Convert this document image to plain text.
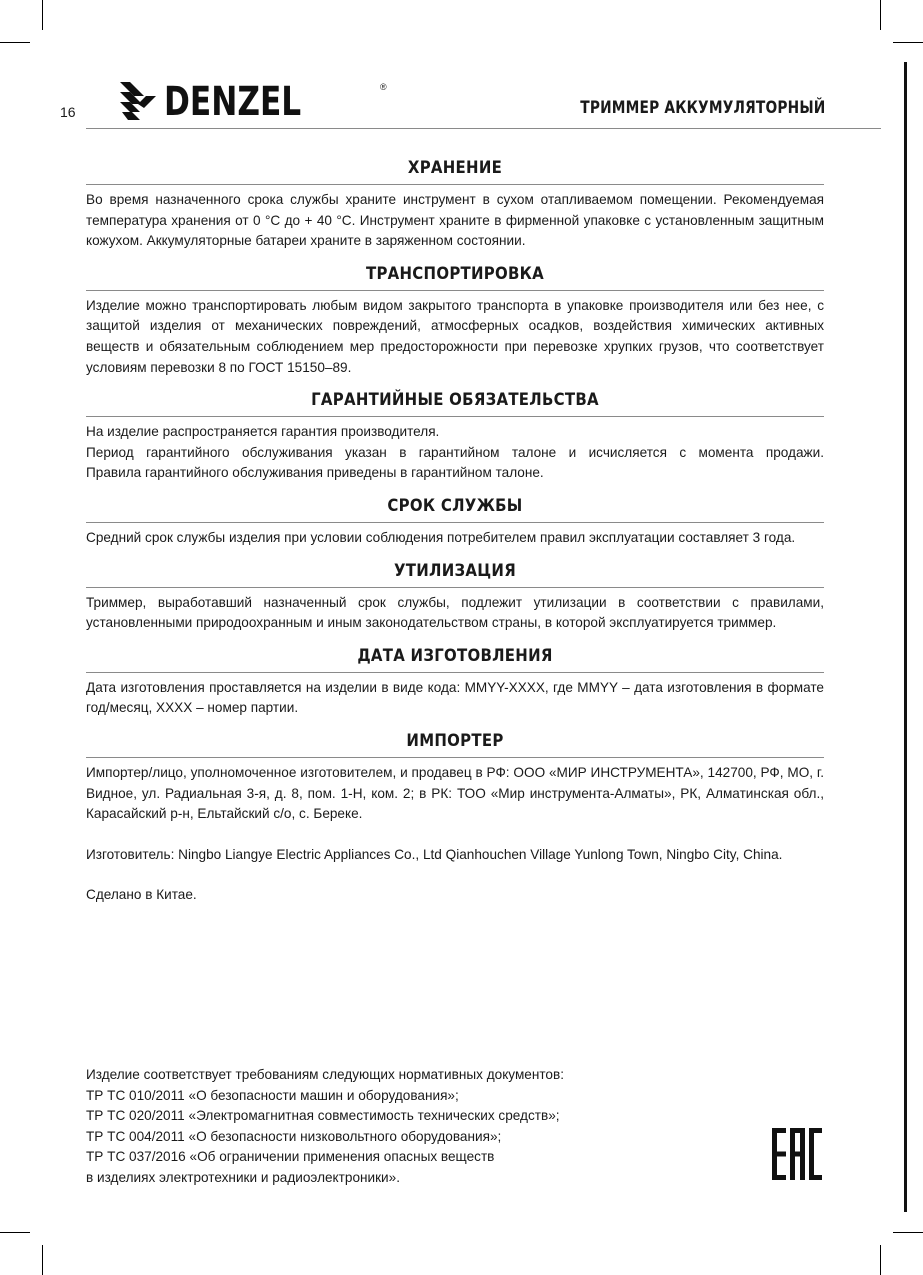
16 DENZEL	®
ТРИММЕР АККУМУЛЯТОРНЫЙ
ХРАНЕНИЕ

Во время назначенного срока службы храните инструмент в сухом отапливаемом помещении. Рекомендуемая температура хранения от 0 °С до + 40 °С. Инструмент храните в фирменной упаковке с установленным защитным кожухом. Аккумуляторные батареи храните в заряженном состоянии.

ТРАНСПОРТИРОВКА

Изделие можно транспортировать любым видом закрытого транспорта в упаковке производителя или без нее, с защитой изделия от механических повреждений, атмосферных осадков, воздействия химических активных веществ и обязательным соблюдением мер предосторожности при перевозке хрупких грузов, что соответствует условиям перевозки 8 по ГОСТ 15150–89.

ГАРАНТИЙНЫЕ ОБЯЗАТЕЛЬСТВА

На изделие распространяется гарантия производителя.

Период гарантийного обслуживания указан в гарантийном талоне и исчисляется с момента продажи.

Правила гарантийного обслуживания приведены в гарантийном талоне.

СРОК СЛУЖБЫ

Средний срок службы изделия при условии соблюдения потребителем правил эксплуатации составляет 3 года.

УТИЛИЗАЦИЯ

Триммер, выработавший назначенный срок службы, подлежит утилизации в соответствии с правилами, установленными природоохранным и иным законодательством страны, в которой эксплуатируется триммер.

ДАТА ИЗГОТОВЛЕНИЯ

Дата изготовления проставляется на изделии в виде кода: MMYY-XXXX, где MMYY – дата изготовления в формате год/месяц, XXXX – номер партии.

ИМПОРТЕР

Импортер/лицо, уполномоченное изготовителем, и продавец в РФ: ООО «МИР ИНСТРУМЕНТА», 142700, РФ, МО, г. Видное, ул. Радиальная 3-я, д. 8, пом. 1-Н, ком. 2; в РК: ТОО «Мир инструмента-Алматы», РК, Алматинская обл., Карасайский р-н, Ельтайский с/о, с. Береке.

Изготовитель: Ningbo Liangye Electric Appliances Co., Ltd Qianhouchen Village Yunlong Town, Ningbo City, China.

Сделано в Китае.

Изделие соответствует требованиям следующих нормативных документов:

ТР ТС 010/2011 «О безопасности машин и оборудования»;

ТР ТС 020/2011 «Электромагнитная совместимость технических средств»;

ТР ТС 004/2011 «О безопасности низковольтного оборудования»;

ТР ТС 037/2016 «Об ограничении применения опасных веществ

в изделиях электротехники и радиоэлектроники».
